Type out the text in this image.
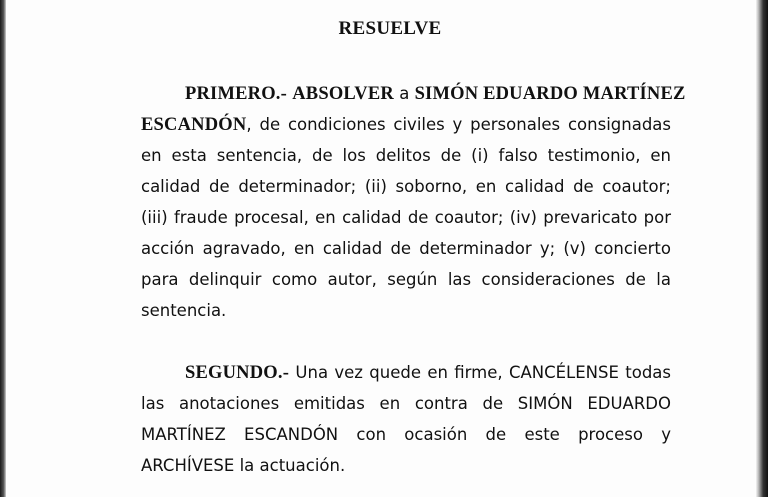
RESUELVE
PRIMERO.- ABSOLVER a SIMÓN EDUARDO MARTÍNEZ
ESCANDÓN, de condiciones civiles y personales consignadas
en esta sentencia, de los delitos de (i) falso testimonio, en
calidad de determinador; (ii) soborno, en calidad de coautor;
(iii) fraude procesal, en calidad de coautor; (iv) prevaricato por
acción agravado, en calidad de determinador y; (v) concierto
para delinquir como autor, según las consideraciones de la
sentencia.
SEGUNDO.- Una vez quede en firme, CANCÉLENSE todas
las anotaciones emitidas en contra de SIMÓN EDUARDO
MARTÍNEZ ESCANDÓN con ocasión de este proceso y
ARCHÍVESE la actuación.
